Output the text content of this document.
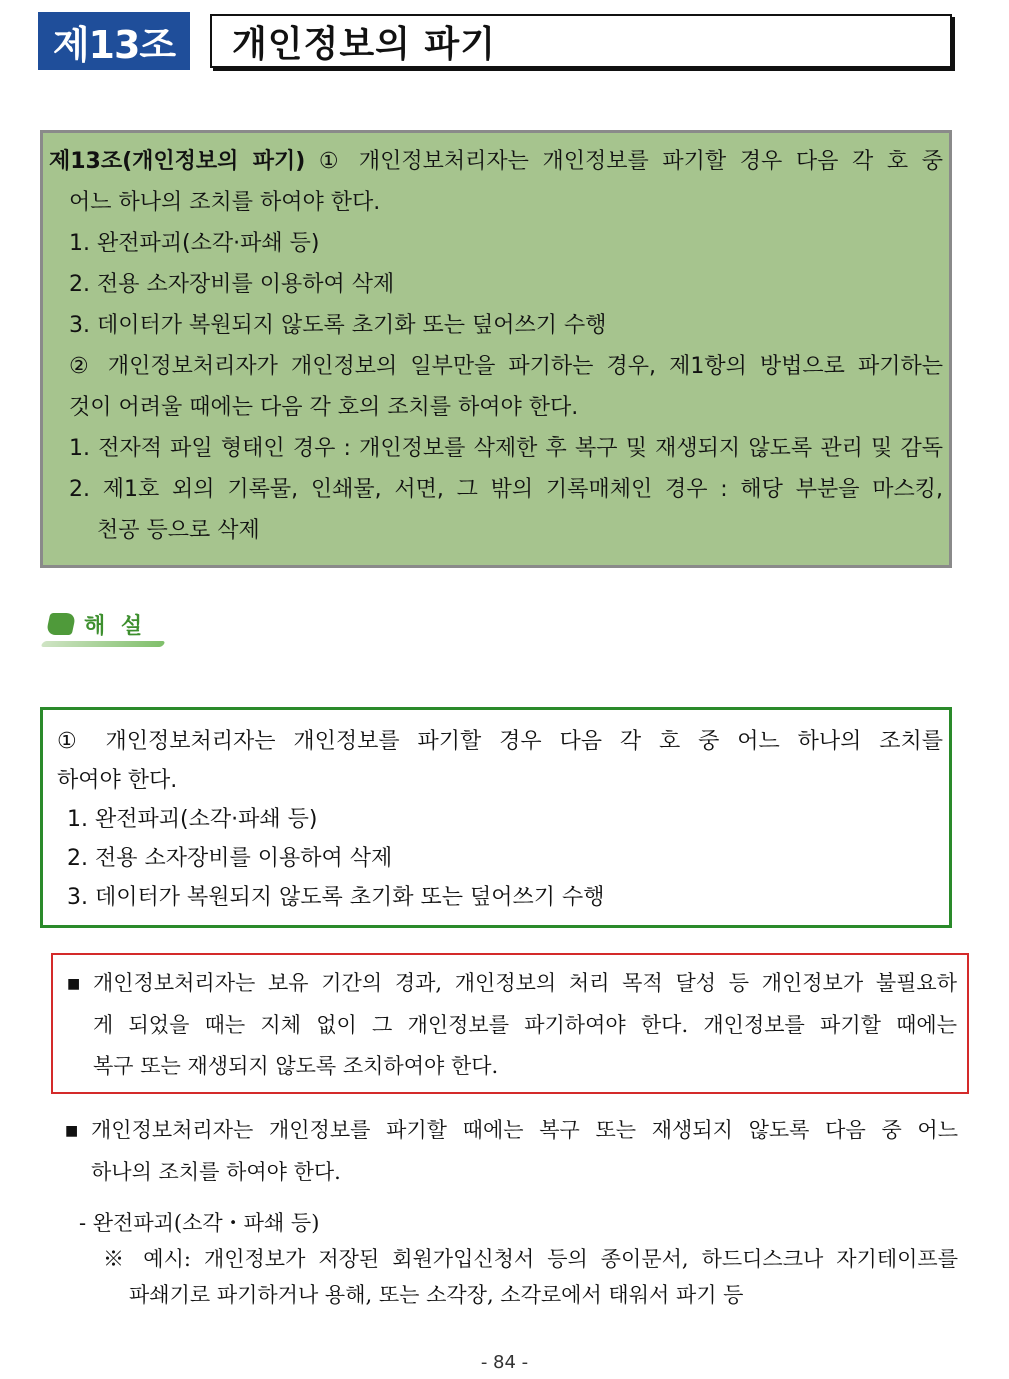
제13조	개인정보의 파기

제13조(개인정보의 파기) ① 개인정보처리자는 개인정보를 파기할 경우 다음 각 호 중

어느 하나의 조치를 하여야 한다.

1. 완전파괴(소각·파쇄 등)

2. 전용 소자장비를 이용하여 삭제

3. 데이터가 복원되지 않도록 초기화 또는 덮어쓰기 수행

② 개인정보처리자가 개인정보의 일부만을 파기하는 경우, 제1항의 방법으로 파기하는

것이 어려울 때에는 다음 각 호의 조치를 하여야 한다.

1. 전자적 파일 형태인 경우 : 개인정보를 삭제한 후 복구 및 재생되지 않도록 관리 및 감독

2. 제1호 외의 기록물, 인쇄물, 서면, 그 밖의 기록매체인 경우 : 해당 부분을 마스킹,

천공 등으로 삭제

해 설

① 개인정보처리자는 개인정보를 파기할 경우 다음 각 호 중 어느 하나의 조치를

하여야 한다.

1. 완전파괴(소각·파쇄 등)

2. 전용 소자장비를 이용하여 삭제

3. 데이터가 복원되지 않도록 초기화 또는 덮어쓰기 수행

■ 개인정보처리자는 보유 기간의 경과, 개인정보의 처리 목적 달성 등 개인정보가 불필요하

게 되었을 때는 지체 없이 그 개인정보를 파기하여야 한다. 개인정보를 파기할 때에는

복구 또는 재생되지 않도록 조치하여야 한다.

■ 개인정보처리자는 개인정보를 파기할 때에는 복구 또는 재생되지 않도록 다음 중 어느

하나의 조치를 하여야 한다.

- 완전파괴(소각・파쇄 등)

※ 예시: 개인정보가 저장된 회원가입신청서 등의 종이문서, 하드디스크나 자기테이프를

파쇄기로 파기하거나 용해, 또는 소각장, 소각로에서 태워서 파기 등

- 84 -
